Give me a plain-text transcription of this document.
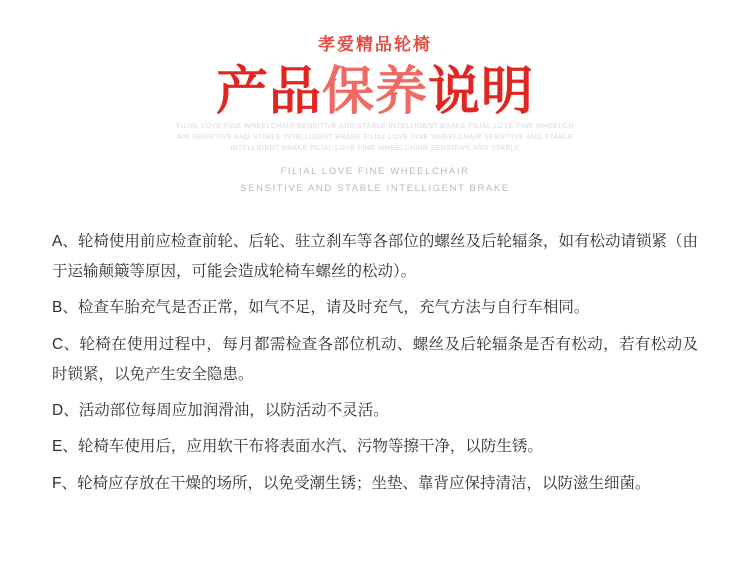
孝爱精品轮椅
产品保养说明
FILIAL LOVE FINE WHEELCHAIR SENSITIVE AND STABLE INTELLIGENT BRAKE FILIAL LOVE FINE WHEELCHAIR SENSITIVE AND STABLE INTELLIGENT BRAKE FILIAL LOVE FINE WHEELCHAIR SENSITIVE AND STABLE INTELLIGENT BRAKE FILIAL LOVE FINE WHEELCHAIR SENSITIVE AND STABLE
FILIAL LOVE FINE WHEELCHAIR
SENSITIVE AND STABLE INTELLIGENT BRAKE

A、轮椅使用前应检查前轮、后轮、驻立刹车等各部位的螺丝及后轮辐条，如有松动请锁紧（由于运输颠簸等原因，可能会造成轮椅车螺丝的松动）。

B、检查车胎充气是否正常，如气不足，请及时充气，充气方法与自行车相同。

C、轮椅在使用过程中，每月都需检查各部位机动、螺丝及后轮辐条是否有松动，若有松动及时锁紧，以免产生安全隐患。

D、活动部位每周应加润滑油，以防活动不灵活。

E、轮椅车使用后，应用软干布将表面水汽、污物等擦干净，以防生锈。

F、轮椅应存放在干燥的场所，以免受潮生锈；坐垫、靠背应保持清洁，以防滋生细菌。
